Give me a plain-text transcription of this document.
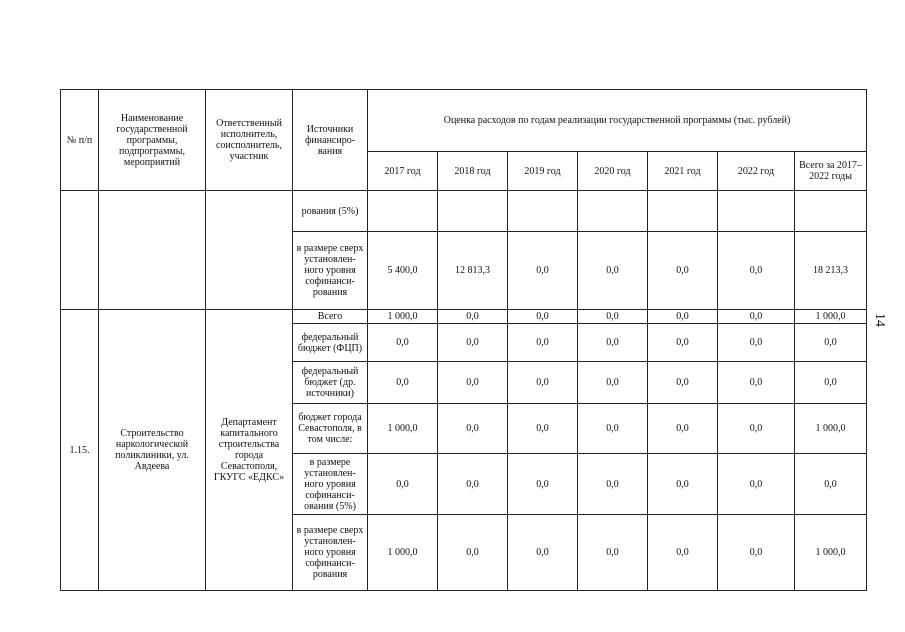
14
№ п/п	Наименование государственной программы, подпрограммы, мероприятий	Ответственный исполнитель, соисполнитель, участник	Источники финансиро-вания	Оценка расходов по годам реализации государственной программы (тыс. рублей)						
				2017 год	2018 год	2019 год	2020 год	2021 год	2022 год	Всего за 2017–2022 годы
			рования (5%)							
			в размере сверх установлен-ного уровня софинанси-рования	5 400,0	12 813,3	0,0	0,0	0,0	0,0	18 213,3
1.15.	Строительство наркологической поликлиники, ул. Авдеева	Департамент капитального строительства города Севастополя, ГКУГС «ЕДКС»	Всего	1 000,0	0,0	0,0	0,0	0,0	0,0	1 000,0
			федеральный бюджет (ФЦП)	0,0	0,0	0,0	0,0	0,0	0,0	0,0
			федеральный бюджет (др. источники)	0,0	0,0	0,0	0,0	0,0	0,0	0,0
			бюджет города Севастополя, в том числе:	1 000,0	0,0	0,0	0,0	0,0	0,0	1 000,0
			в размере установлен-ного уровня софинанси-ования (5%)	0,0	0,0	0,0	0,0	0,0	0,0	0,0
			в размере сверх установлен-ного уровня софинанси-рования	1 000,0	0,0	0,0	0,0	0,0	0,0	1 000,0
